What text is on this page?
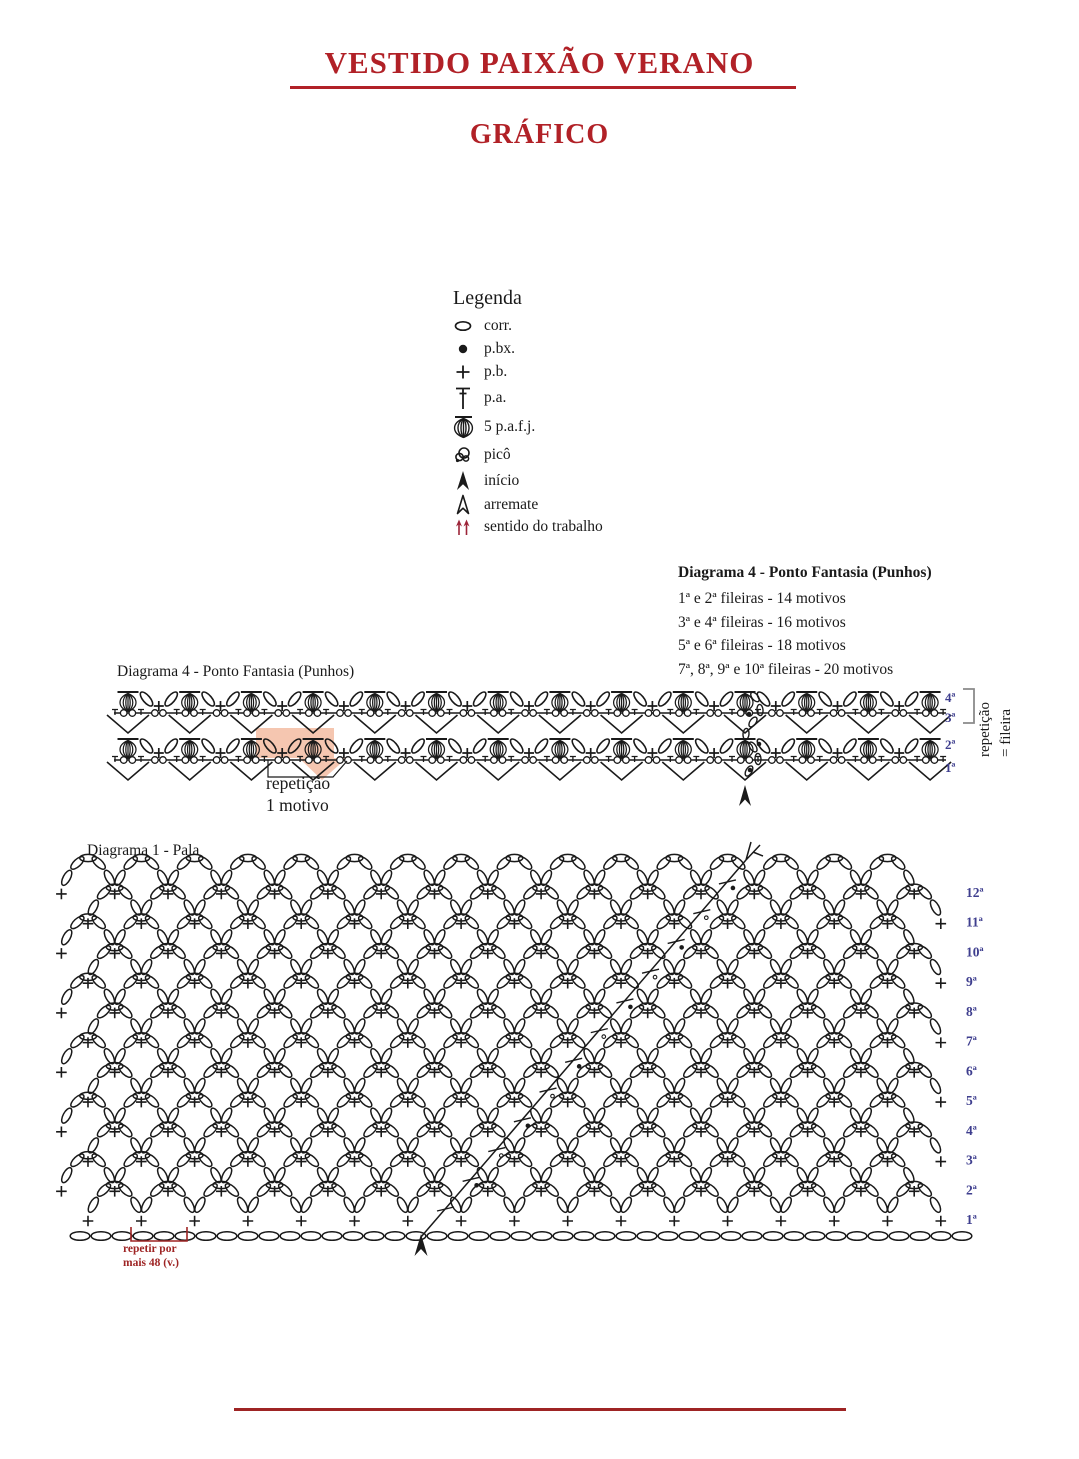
VESTIDO PAIXÃO VERANO
GRÁFICO
Legenda
corr.
p.bx.
p.b.
p.a.
5 p.a.f.j.
picô
início
arremate
sentido do trabalho
Diagrama 4 - Ponto Fantasia (Punhos)
1ª e 2ª fileiras - 14 motivos
3ª e 4ª fileiras - 16 motivos
5ª e 6ª fileiras - 18 motivos
7ª, 8ª, 9ª e 10ª fileiras - 20 motivos
Diagrama 4 - Ponto Fantasia (Punhos)
repetição = fileira
repetição
1 motivo
Diagrama 1 - Pala
repetir por
mais 48 (v.)
4ª
3ª
2ª
1ª
12ª
11ª
10ª
9ª
8ª
7ª
6ª
5ª
4ª
3ª
2ª
1ª
